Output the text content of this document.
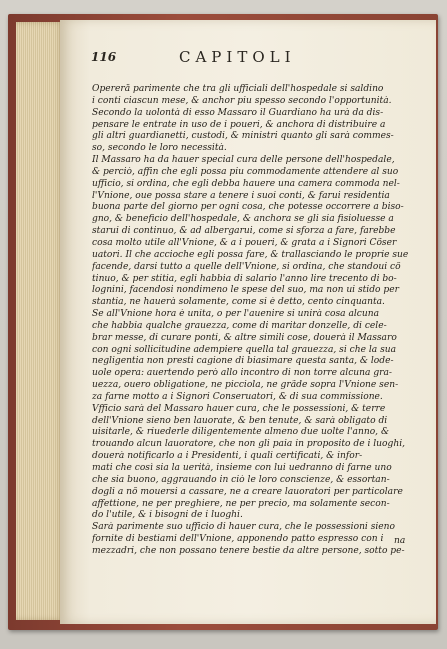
116	CAPITOLI
Opereră parimente che tra gli ufficiali dell'hospedale si saldino
i conti ciascun mese, & anchor piu spesso secondo l'opportunità.
Secondo la uolontà di esso Massaro il Guardiano ha urà da dis-
pensare le entrate in uso de i poueri, & anchora di distribuire a
gli altri guardianetti, custodi, & ministri quanto gli sarà commes-
so, secondo le loro necessità.
Il Massaro ha da hauer special cura delle persone dell'hospedale,
& perciò, affin che egli possa piu commodamente attendere al suo
ufficio, si ordina, che egli debba hauere una camera commoda nel-
l'Vnione, oue possa stare a tenere i suoi conti, & farui residentia
buona parte del giorno per ogni cosa, che potesse occorrere a biso-
gno, & beneficio dell'hospedale, & anchora se gli sia fisioluesse a
starui di continuo, & ad albergarui, come si sforza a fare, farebbe
cosa molto utile all'Vnione, & a i poueri, & grata a i Signori Cõser
uatori. Il che accioche egli possa fare, & trallasciando le proprie sue
facende, darsi tutto a quelle dell'Vnione, si ordina, che standoui cõ
tinuo, & per stitia, egli habbia di salario l'anno lire trecento di bo-
lognini, facendosi nondimeno le spese del suo, ma non ui stido per
stantia, ne hauerà solamente, come si è detto, cento cinquanta.
Se all'Vnione hora è unita, o per l'auenire si unirà cosa alcuna
che habbia qualche grauezza, come di maritar donzelle, di cele-
brar messe, di curare ponti, & altre simili cose, douerà il Massaro
con ogni sollicitudine adempiere quella tal grauezza, si che la sua
negligentia non presti cagione di biasimare questa santa, & lode-
uole opera: auertendo però allo incontro di non torre alcuna gra-
uezza, ouero obligatione, ne picciola, ne grãde sopra l'Vnione sen-
za farne motto a i Signori Conseruatori, & di sua commissione.
Vfficio sarà del Massaro hauer cura, che le possessioni, & terre
dell'Vnione sieno ben lauorate, & ben tenute, & sarà obligato di
uisitarle, & riuederle diligentemente almeno due uolte l'anno, &
trouando alcun lauoratore, che non gli paia in proposito de i luoghi,
douerà notificarlo a i Presidenti, i quali certificati, & infor-
mati che così sia la uerità, insieme con lui uedranno di farne uno
che sia buono, aggrauando in ciò le loro conscienze, & essortan-
dogli a nõ mouersi a cassare, ne a creare lauoratori per particolare
affettione, ne per preghiere, ne per precio, ma solamente secon-
do l'utile, & i bisogni de i luoghi.
Sarà parimente suo ufficio di hauer cura, che le possessioni sieno
fornite di bestiami dell'Vnione, apponendo patto espresso con i
mezzadri, che non possano tenere bestie da altre persone, sotto pe-
na
